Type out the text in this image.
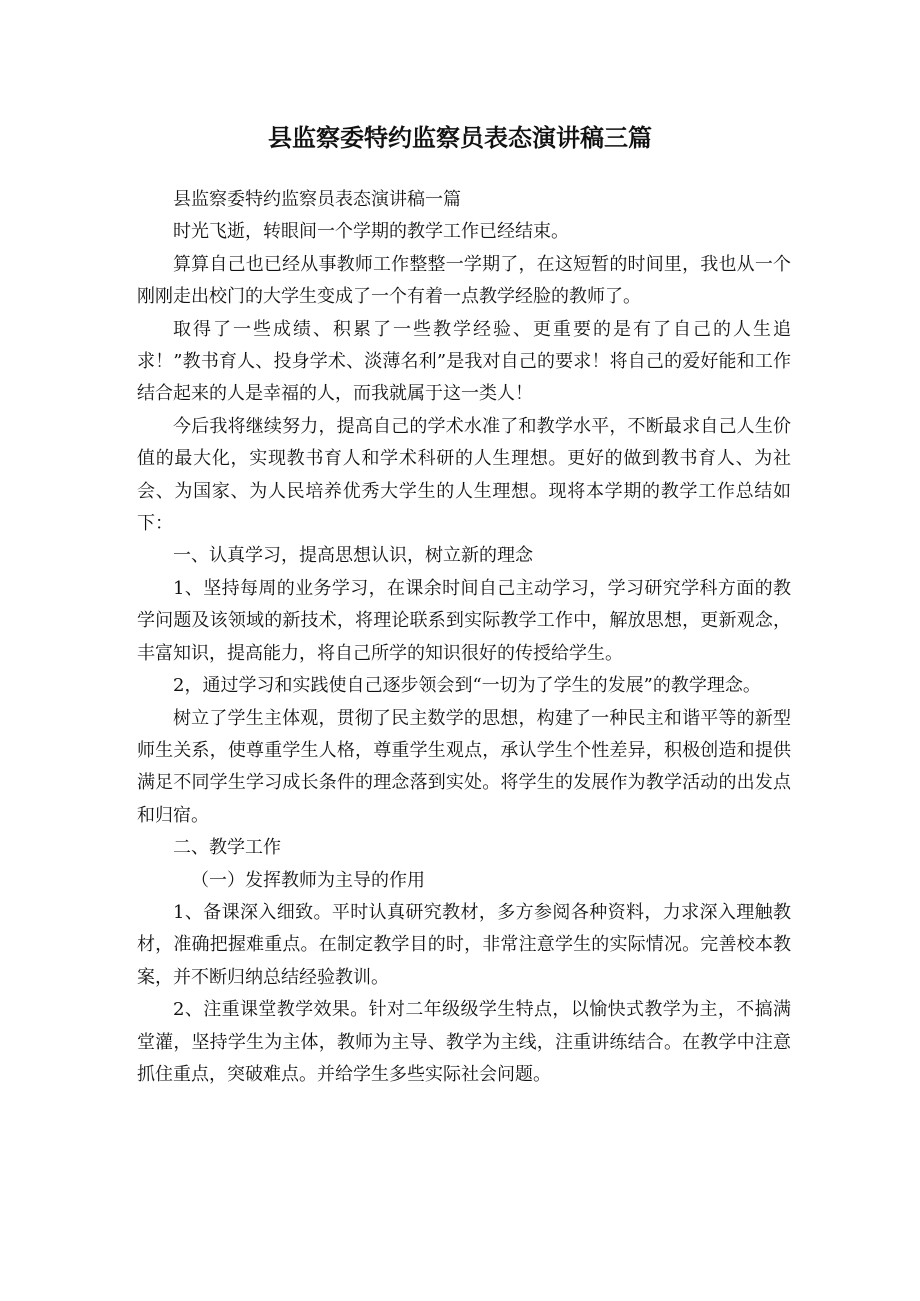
县监察委特约监察员表态演讲稿三篇

县监察委特约监察员表态演讲稿一篇

时光飞逝，转眼间一个学期的教学工作已经结束。

算算自己也已经从事教师工作整整一学期了，在这短暂的时间里，我也从一个刚刚走出校门的大学生变成了一个有着一点教学经脸的教师了。

取得了一些成绩、积累了一些教学经验、更重要的是有了自己的人生追求！”教书育人、投身学术、淡薄名利”是我对自己的要求！将自己的爱好能和工作结合起来的人是幸福的人，而我就属于这一类人！

今后我将继续努力，提高自己的学术水准了和教学水平，不断最求自己人生价值的最大化，实现教书育人和学术科研的人生理想。更好的做到教书育人、为社会、为国家、为人民培养优秀大学生的人生理想。现将本学期的教学工作总结如下：

一、认真学习，提高思想认识，树立新的理念

1、坚持每周的业务学习，在课余时间自己主动学习，学习研究学科方面的教学问题及该领域的新技术，将理论联系到实际教学工作中，解放思想，更新观念，丰富知识，提高能力，将自己所学的知识很好的传授给学生。

2，通过学习和实践使自己逐步领会到“一切为了学生的发展”的教学理念。

树立了学生主体观，贯彻了民主数学的思想，构建了一种民主和谐平等的新型师生关系，使尊重学生人格，尊重学生观点，承认学生个性差异，积极创造和提供满足不同学生学习成长条件的理念落到实处。将学生的发展作为教学活动的出发点和归宿。

二、教学工作

（一）发挥教师为主导的作用

1、备课深入细致。平时认真研究教材，多方参阅各种资料，力求深入理触教材，准确把握难重点。在制定教学目的时，非常注意学生的实际情况。完善校本教案，并不断归纳总结经验教训。

2、注重课堂教学效果。针对二年级级学生特点，以愉快式教学为主，不搞满堂灌，坚持学生为主体，教师为主导、教学为主线，注重讲练结合。在教学中注意抓住重点，突破难点。并给学生多些实际社会问题。
